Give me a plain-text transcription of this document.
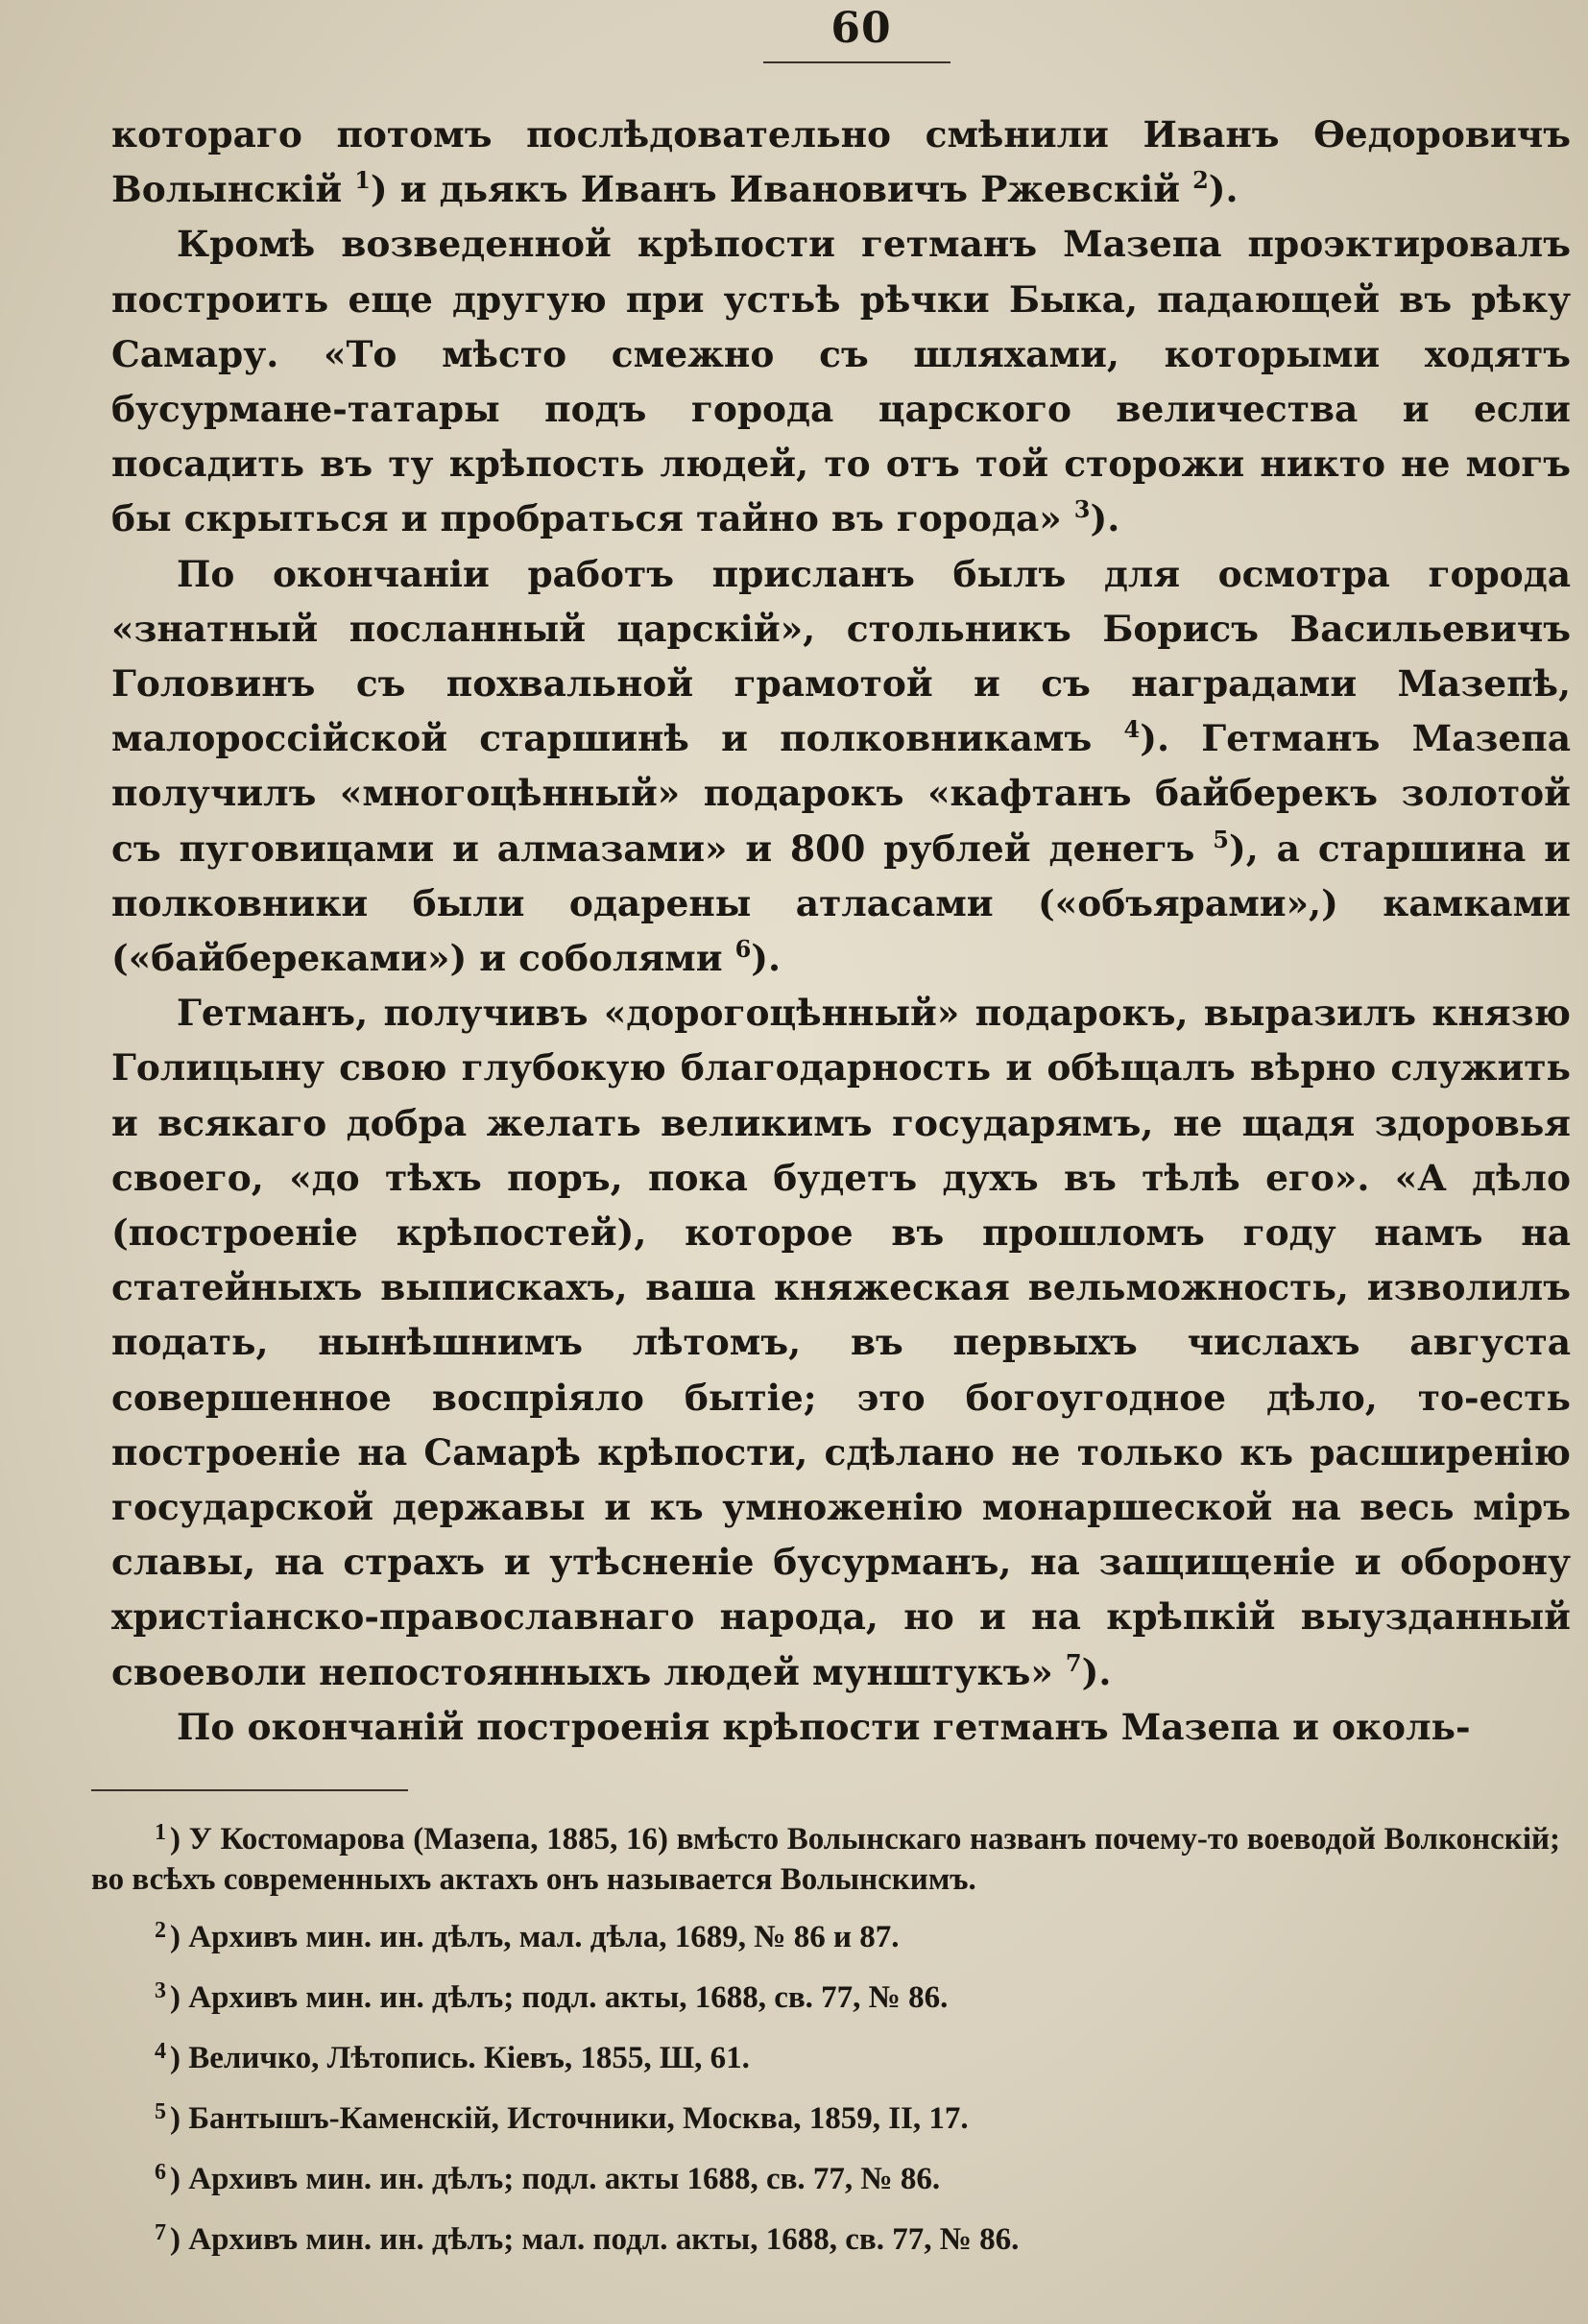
60

котораго потомъ послѣдовательно смѣнили Иванъ Ѳедоровичъ Волынскій $^1$) и дьякъ Иванъ Ивановичъ Ржевскій $^2$).

Кромѣ возведенной крѣпости гетманъ Мазепа проэктировалъ построить еще другую при устьѣ рѣчки Быка, падающей въ рѣку Самару. «То мѣсто смежно съ шляхами, которыми ходятъ бусурмане-татары подъ города царского величества и если посадить въ ту крѣпость людей, то отъ той сторожи никто не могъ бы скрыться и пробраться тайно въ города» $^3$).

По окончаніи работъ присланъ былъ для осмотра города «знатный посланный царскій», стольникъ Борисъ Васильевичъ Головинъ съ похвальной грамотой и съ наградами Мазепѣ, малороссійской старшинѣ и полковникамъ $^4$). Гетманъ Мазепа получилъ «многоцѣнный» подарокъ «кафтанъ байберекъ золотой съ пуговицами и алмазами» и 800 рублей денегъ $^5$), а старшина и полковники были одарены атласами («объярами»,) камками («байбереками») и соболями $^6$).

Гетманъ, получивъ «дорогоцѣнный» подарокъ, выразилъ князю Голицыну свою глубокую благодарность и обѣщалъ вѣрно служить и всякаго добра желать великимъ государямъ, не щадя здоровья своего, «до тѣхъ поръ, пока будетъ духъ въ тѣлѣ его». «А дѣло (построеніе крѣпостей), которое въ прошломъ году намъ на статейныхъ выпискахъ, ваша княжеская вельможность, изволилъ подать, нынѣшнимъ лѣтомъ, въ первыхъ числахъ августа совершенное воспріяло бытіе; это богоугодное дѣло, то-есть построеніе на Самарѣ крѣпости, сдѣлано не только къ расширенію государской державы и къ умноженію монаршеской на весь міръ славы, на страхъ и утѣсненіе бусурманъ, на защищеніе и оборону христіанско-православнаго народа, но и на крѣпкій выузданный своеволи непостоянныхъ людей мунштукъ» $^7$).

По окончаній построенія крѣпости гетманъ Мазепа и околь-

$^1$ ) У Костомарова (Мазепа, 1885, 16) вмѣсто Волынскаго названъ почему-то воеводой Волконскій; во всѣхъ современныхъ актахъ онъ называется Волынскимъ.

$^2$ ) Архивъ мин. ин. дѣлъ, мал. дѣла, 1689, № 86 и 87.

$^3$ ) Архивъ мин. ин. дѣлъ; подл. акты, 1688, св. 77, № 86.

$^4$ ) Величко, Лѣтопись. Кіевъ, 1855, Ш, 61.

$^5$ ) Бантышъ-Каменскій, Источники, Москва, 1859, II, 17.

$^6$ ) Архивъ мин. ин. дѣлъ; подл. акты 1688, св. 77, № 86.

$^7$ ) Архивъ мин. ин. дѣлъ; мал. подл. акты, 1688, св. 77, № 86.
